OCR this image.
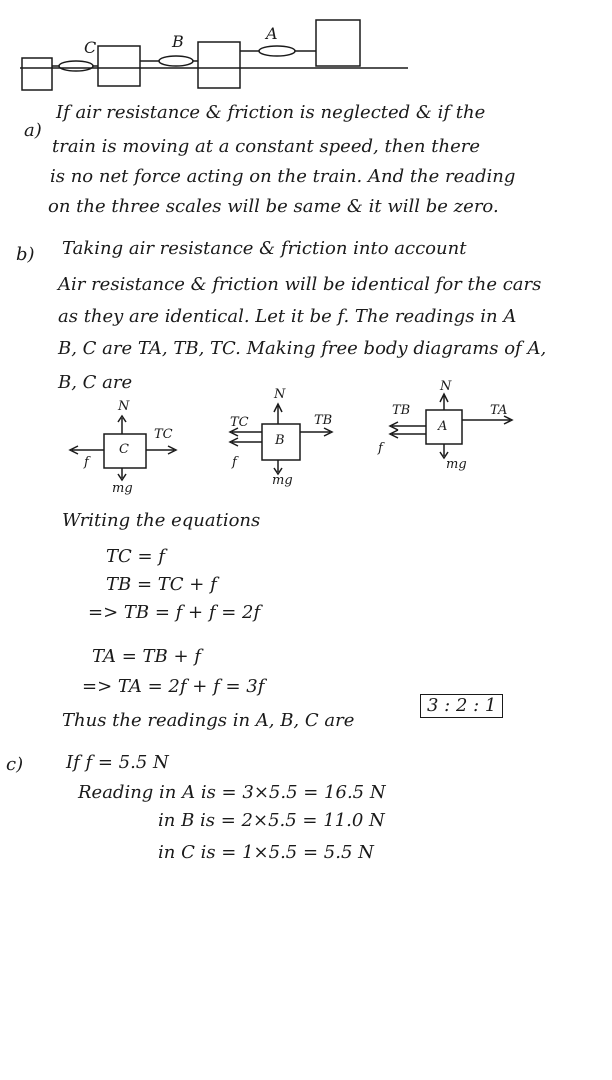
C	B	A
a)
If air resistance & friction is neglected & if the
train is moving at a constant speed, then there
is no net force acting on the train. And the reading
on the three scales will be same & it will be zero.
b) Taking air resistance & friction into account
Air resistance & friction will be identical for the cars
as they are identical. Let it be f. The readings in A
B, C are TA, TB, TC. Making free body diagrams of A,
B, C are
N
C
TC
f
mg
N
B
TC	TB
f
mg
N
A
TB	TA
f
mg
Writing the equations
TC = f
TB = TC + f
=> TB = f + f = 2f
TA = TB + f
=> TA = 2f + f = 3f
Thus the readings in A, B, C are
3 : 2 : 1
c) If f = 5.5 N
Reading in A is = 3×5.5 = 16.5 N
in B is = 2×5.5 = 11.0 N
in C is = 1×5.5 = 5.5 N
